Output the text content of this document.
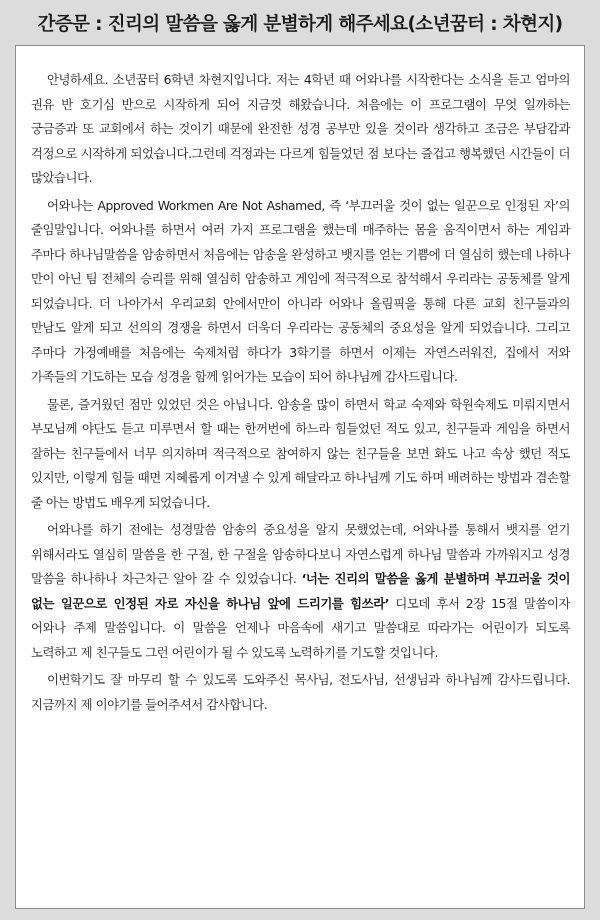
간증문 : 진리의 말씀을 옳게 분별하게 해주세요(소년꿈터 : 차현지)

안녕하세요. 소년꿈터 6학년 차현지입니다. 저는 4학년 때 어와나를 시작한다는 소식을 듣고 엄마의 권유 반 호기심 반으로 시작하게 되어 지금껏 해왔습니다. 처음에는 이 프로그램이 무엇 일까하는 궁금증과 또 교회에서 하는 것이기 때문에 완전한 성경 공부만 있을 것이라 생각하고 조금은 부담감과 걱정으로 시작하게 되었습니다.그런데 걱정과는 다르게 힘들었던 점 보다는 즐겁고 행복했던 시간들이 더 많았습니다.

어와나는 Approved Workmen Are Not Ashamed, 즉 ‘부끄러울 것이 없는 일꾼으로 인정된 자’의 줄임말입니다. 어와나를 하면서 여러 가지 프로그램을 했는데 매주하는 몸을 움직이면서 하는 게임과 주마다 하나님말씀을 암송하면서 처음에는 암송을 완성하고 뱃지를 얻는 기쁨에 더 열심히 했는데 나하나 만이 아닌 팀 전체의 승리를 위해 열심히 암송하고 게임에 적극적으로 참석해서 우리라는 공동체를 알게 되었습니다. 더 나아가서 우리교회 안에서만이 아니라 어와나 올림픽을 통해 다른 교회 친구들과의 만남도 알게 되고 선의의 경쟁을 하면서 더욱더 우리라는 공동체의 중요성을 알게 되었습니다. 그리고 주마다 가정예배를 처음에는 숙제처럼 하다가 3학기를 하면서 이제는 자연스러워진, 집에서 저와 가족들의 기도하는 모습 성경을 함께 읽어가는 모습이 되어 하나님께 감사드립니다.

물론, 즐거웠던 점만 있었던 것은 아닙니다. 암송을 많이 하면서 학교 숙제와 학원숙제도 미뤄지면서 부모님께 야단도 듣고 미루면서 할 때는 한꺼번에 하느라 힘들었던 적도 있고, 친구들과 게임을 하면서 잘하는 친구들에서 너무 의지하며 적극적으로 참여하지 않는 친구들을 보면 화도 나고 속상 했던 적도 있지만, 이렇게 힘들 때면 지혜롭게 이겨낼 수 있게 해달라고 하나님께 기도 하며 배려하는 방법과 겸손할 줄 아는 방법도 배우게 되었습니다.

어와나를 하기 전에는 성경말씀 암송의 중요성을 알지 못했었는데, 어와나를 통해서 뱃지를 얻기 위해서라도 열심히 말씀을 한 구절, 한 구절을 암송하다보니 자연스럽게 하나님 말씀과 가까워지고 성경 말씀을 하나하나 차근차근 알아 갈 수 있었습니다. ‘너는 진리의 말씀을 옳게 분별하며 부끄러울 것이 없는 일꾼으로 인정된 자로 자신을 하나님 앞에 드리기를 힘쓰라’ 디모데 후서 2장 15절 말씀이자 어와나 주제 말씀입니다. 이 말씀을 언제나 마음속에 새기고 말씀대로 따라가는 어린이가 되도록 노력하고 제 친구들도 그런 어린이가 될 수 있도록 노력하기를 기도할 것입니다.

이번학기도 잘 마무리 할 수 있도록 도와주신 목사님, 전도사님, 선생님과 하나님께 감사드립니다. 지금까지 제 이야기를 들어주셔서 감사합니다.
